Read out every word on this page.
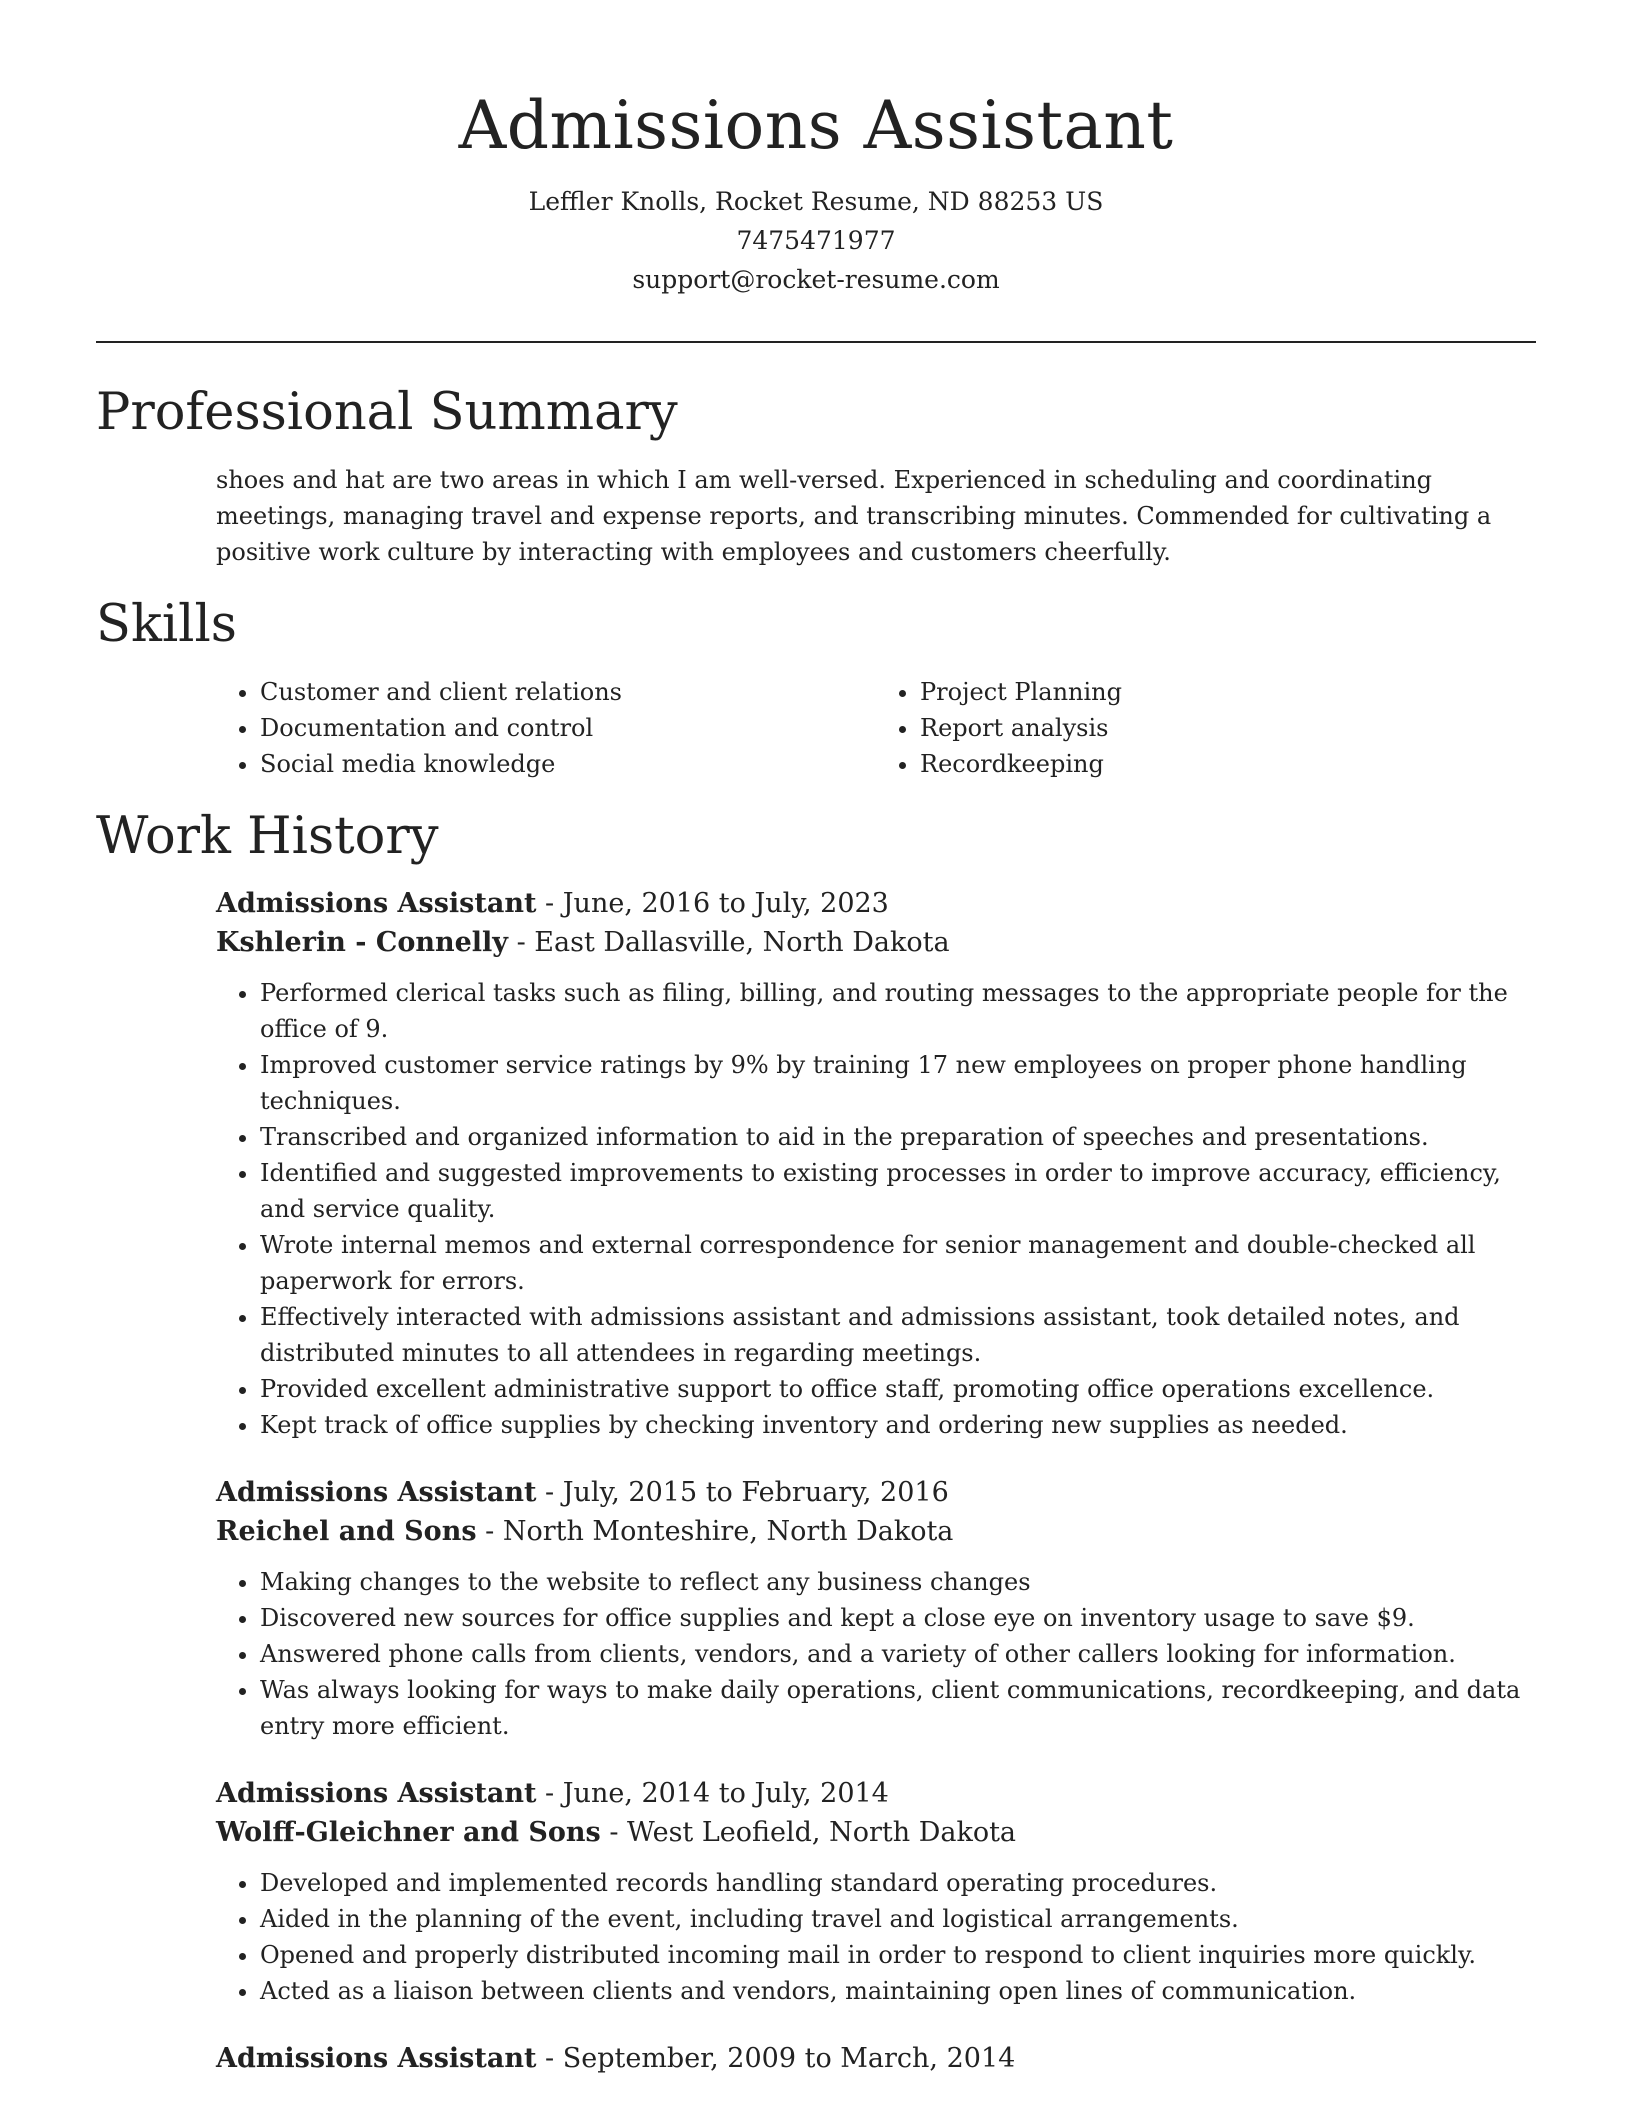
Admissions Assistant
Leffler Knolls, Rocket Resume, ND 88253 US
7475471977
support@rocket-resume.com
Professional Summary

shoes and hat are two areas in which I am well-versed. Experienced in scheduling and coordinating meetings, managing travel and expense reports, and transcribing minutes. Commended for cultivating a positive work culture by interacting with employees and customers cheerfully.

Skills
• Customer and client relations
• Documentation and control
• Social media knowledge
• Project Planning
• Report analysis
• Recordkeeping
Work History
Admissions Assistant - June, 2016 to July, 2023
Kshlerin - Connelly - East Dallasville, North Dakota
• Performed clerical tasks such as filing, billing, and routing messages to the appropriate people for the office of 9.
• Improved customer service ratings by 9% by training 17 new employees on proper phone handling techniques.
• Transcribed and organized information to aid in the preparation of speeches and presentations.
• Identified and suggested improvements to existing processes in order to improve accuracy, efficiency, and service quality.
• Wrote internal memos and external correspondence for senior management and double-checked all paperwork for errors.
• Effectively interacted with admissions assistant and admissions assistant, took detailed notes, and distributed minutes to all attendees in regarding meetings.
• Provided excellent administrative support to office staff, promoting office operations excellence.
• Kept track of office supplies by checking inventory and ordering new supplies as needed.
Admissions Assistant - July, 2015 to February, 2016
Reichel and Sons - North Monteshire, North Dakota
• Making changes to the website to reflect any business changes
• Discovered new sources for office supplies and kept a close eye on inventory usage to save $9.
• Answered phone calls from clients, vendors, and a variety of other callers looking for information.
• Was always looking for ways to make daily operations, client communications, recordkeeping, and data entry more efficient.
Admissions Assistant - June, 2014 to July, 2014
Wolff-Gleichner and Sons - West Leofield, North Dakota
• Developed and implemented records handling standard operating procedures.
• Aided in the planning of the event, including travel and logistical arrangements.
• Opened and properly distributed incoming mail in order to respond to client inquiries more quickly.
• Acted as a liaison between clients and vendors, maintaining open lines of communication.
Admissions Assistant - September, 2009 to March, 2014
